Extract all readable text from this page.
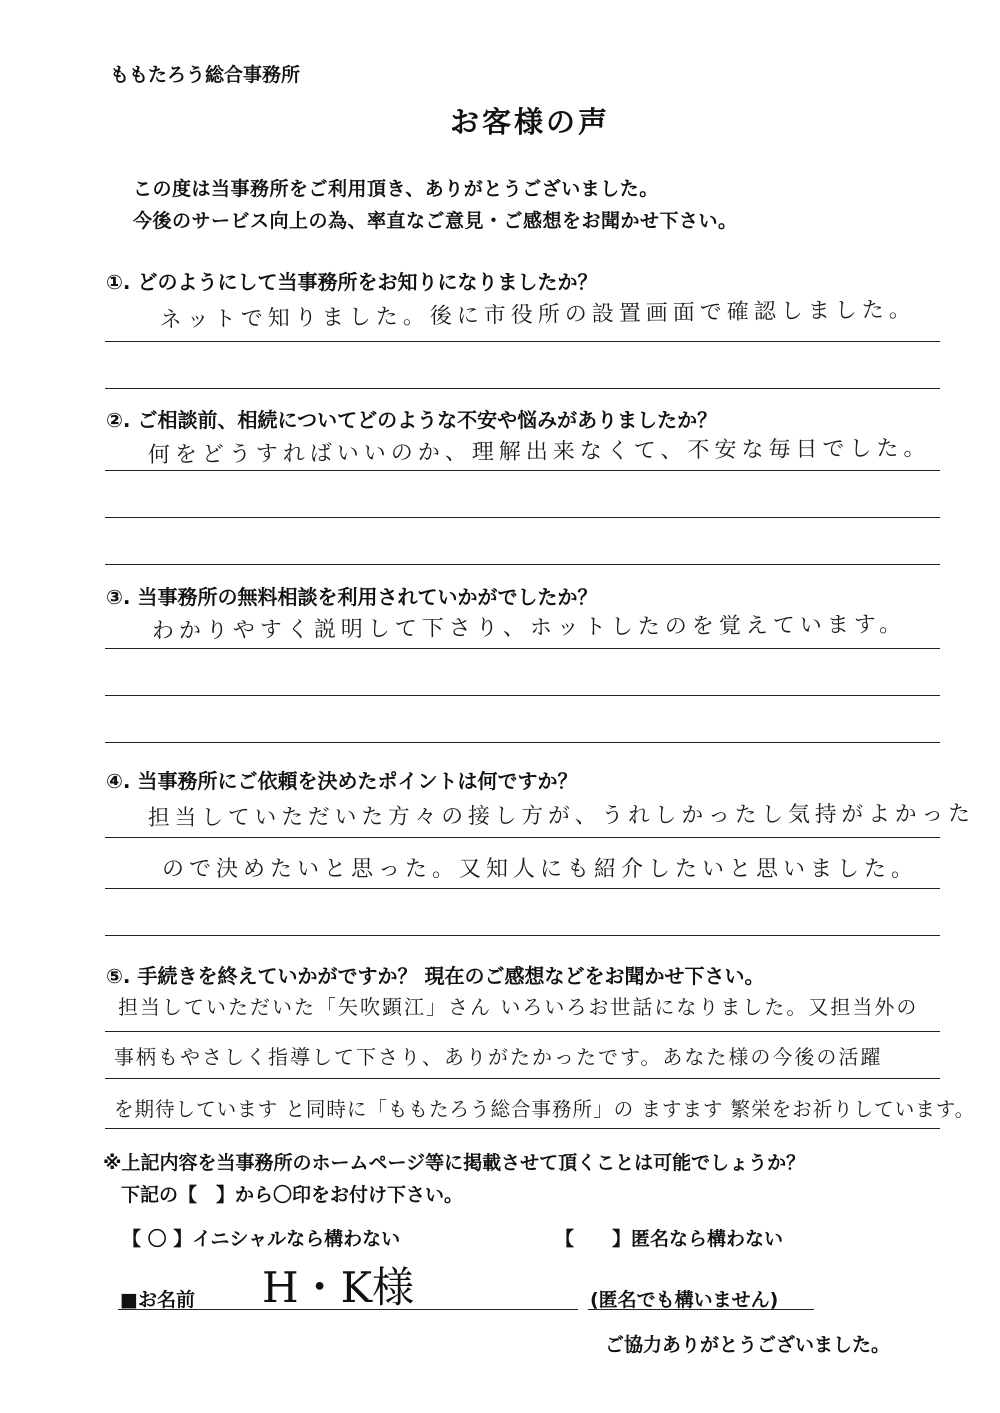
ももたろう総合事務所
お客様の声
この度は当事務所をご利用頂き、ありがとうございました。
今後のサービス向上の為、率直なご意見・ご感想をお聞かせ下さい。
①. どのようにして当事務所をお知りになりましたか？
ネットで知りました。後に市役所の設置画面で確認しました。
②. ご相談前、相続についてどのような不安や悩みがありましたか？
何をどうすればいいのか、理解出来なくて、不安な毎日でした。
③. 当事務所の無料相談を利用されていかがでしたか？
わかりやすく説明して下さり、ホットしたのを覚えています。
④. 当事務所にご依頼を決めたポイントは何ですか？
担当していただいた方々の接し方が、うれしかったし気持がよかった
ので決めたいと思った。又知人にも紹介したいと思いました。
⑤. 手続きを終えていかがですか？ 現在のご感想などをお聞かせ下さい。
担当していただいた「矢吹顕江」さん いろいろお世話になりました。又担当外の
事柄もやさしく指導して下さり、ありがたかったです。あなた様の今後の活躍
を期待しています と同時に「ももたろう総合事務所」の ますます 繁栄をお祈りしています。
※上記内容を当事務所のホームページ等に掲載させて頂くことは可能でしょうか？
下記の【　】から〇印をお付け下さい。
【 〇 】イニシャルなら構わない	【　　】匿名なら構わない
■お名前 H・K様	(匿名でも構いません)
ご協力ありがとうございました。
